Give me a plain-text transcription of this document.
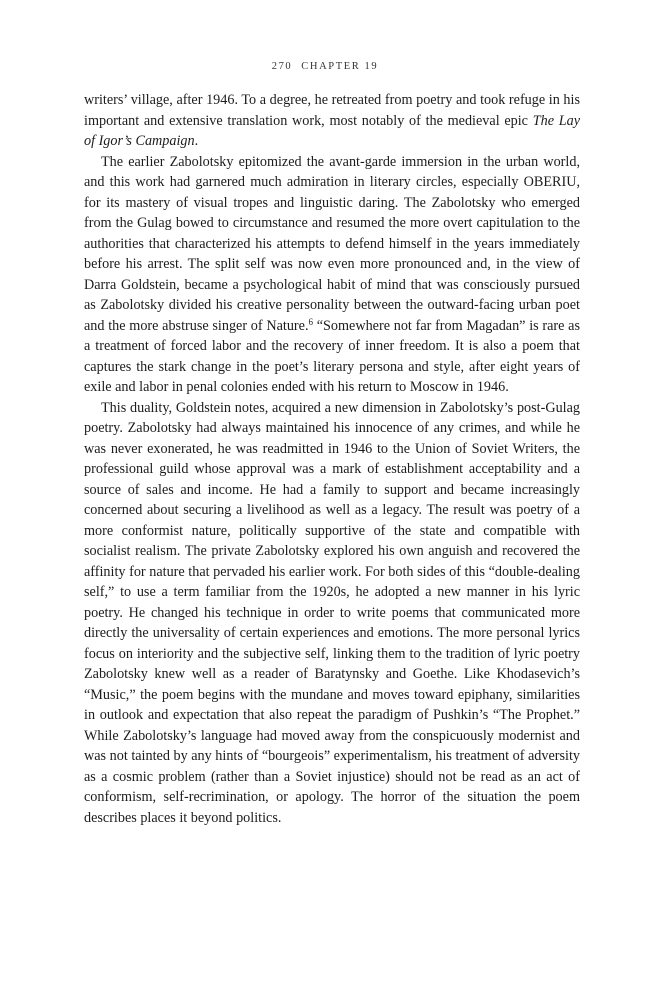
270 CHAPTER 19

writers’ village, after 1946. To a degree, he retreated from poetry and took refuge in his important and extensive translation work, most notably of the medieval epic The Lay of Igor’s Campaign.

The earlier Zabolotsky epitomized the avant-garde immersion in the urban world, and this work had garnered much admiration in literary circles, especially OBERIU, for its mastery of visual tropes and linguistic daring. The Zabolotsky who emerged from the Gulag bowed to circumstance and resumed the more overt capitulation to the authorities that characterized his attempts to defend himself in the years immediately before his arrest. The split self was now even more pronounced and, in the view of Darra Goldstein, became a psychological habit of mind that was consciously pursued as Zabolotsky divided his creative personality between the outward-facing urban poet and the more abstruse singer of Nature.$^6$ “Somewhere not far from Magadan” is rare as a treatment of forced labor and the recovery of inner freedom. It is also a poem that captures the stark change in the poet’s literary persona and style, after eight years of exile and labor in penal colonies ended with his return to Moscow in 1946.

This duality, Goldstein notes, acquired a new dimension in Zabolotsky’s post-Gulag poetry. Zabolotsky had always maintained his innocence of any crimes, and while he was never exonerated, he was readmitted in 1946 to the Union of Soviet Writers, the professional guild whose approval was a mark of establishment acceptability and a source of sales and income. He had a family to support and became increasingly concerned about securing a livelihood as well as a legacy. The result was poetry of a more conformist nature, politically supportive of the state and compatible with socialist realism. The private Zabolotsky explored his own anguish and recovered the affinity for nature that pervaded his earlier work. For both sides of this “double-dealing self,” to use a term familiar from the 1920s, he adopted a new manner in his lyric poetry. He changed his technique in order to write poems that communicated more directly the universality of certain experiences and emotions. The more personal lyrics focus on interiority and the subjective self, linking them to the tradition of lyric poetry Zabolotsky knew well as a reader of Baratynsky and Goethe. Like Khodasevich’s “Music,” the poem begins with the mundane and moves toward epiphany, similarities in outlook and expectation that also repeat the paradigm of Pushkin’s “The Prophet.” While Zabolotsky’s language had moved away from the conspicuously modernist and was not tainted by any hints of “bourgeois” experimentalism, his treatment of adversity as a cosmic problem (rather than a Soviet injustice) should not be read as an act of conformism, self-recrimination, or apology. The horror of the situation the poem describes places it beyond politics.
